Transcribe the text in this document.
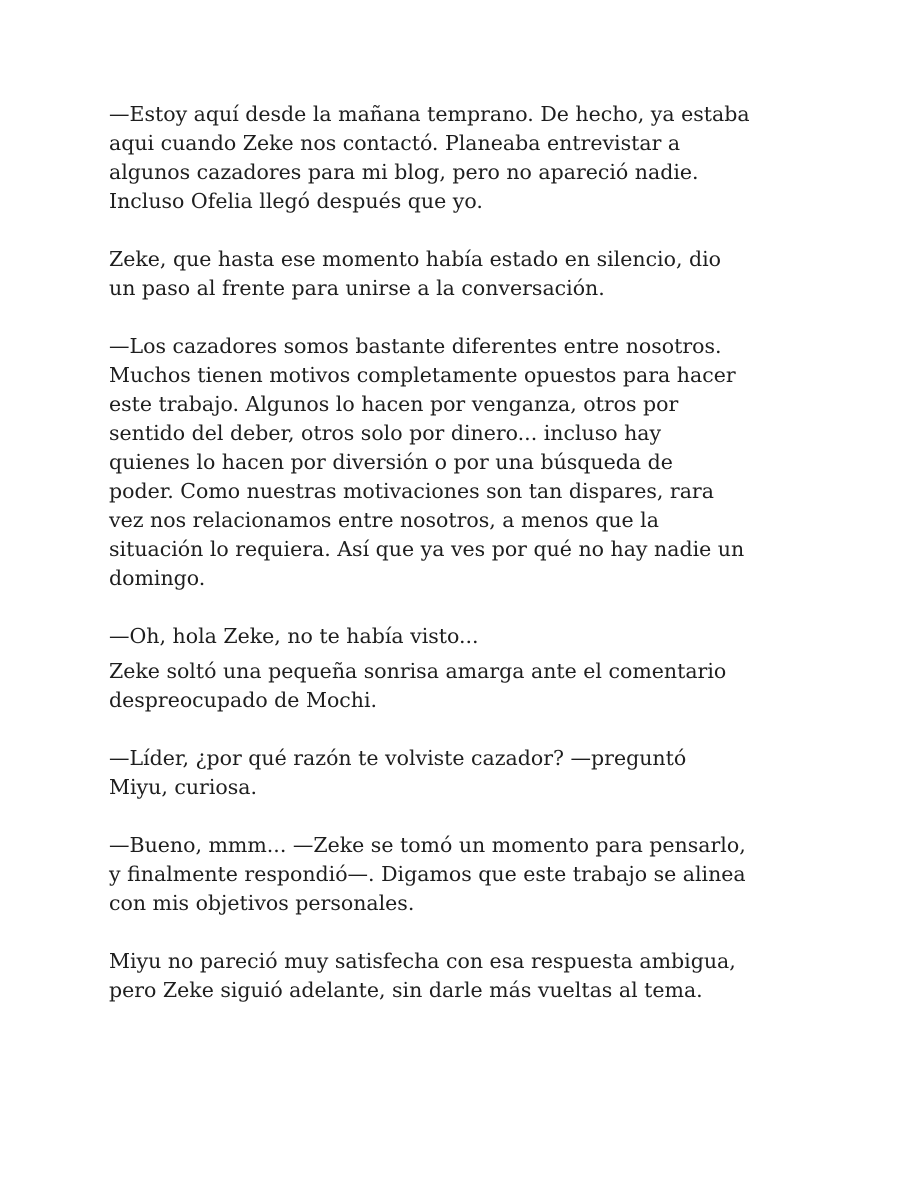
—Estoy aquí desde la mañana temprano. De hecho, ya estaba
aqui cuando Zeke nos contactó. Planeaba entrevistar a
algunos cazadores para mi blog, pero no apareció nadie.
Incluso Ofelia llegó después que yo.

Zeke, que hasta ese momento había estado en silencio, dio
un paso al frente para unirse a la conversación.

—Los cazadores somos bastante diferentes entre nosotros.
Muchos tienen motivos completamente opuestos para hacer
este trabajo. Algunos lo hacen por venganza, otros por
sentido del deber, otros solo por dinero... incluso hay
quienes lo hacen por diversión o por una búsqueda de
poder. Como nuestras motivaciones son tan dispares, rara
vez nos relacionamos entre nosotros, a menos que la
situación lo requiera. Así que ya ves por qué no hay nadie un
domingo.

—Oh, hola Zeke, no te había visto...

Zeke soltó una pequeña sonrisa amarga ante el comentario
despreocupado de Mochi.

—Líder, ¿por qué razón te volviste cazador? —preguntó
Miyu, curiosa.

—Bueno, mmm... —Zeke se tomó un momento para pensarlo,
y finalmente respondió—. Digamos que este trabajo se alinea
con mis objetivos personales.

Miyu no pareció muy satisfecha con esa respuesta ambigua,
pero Zeke siguió adelante, sin darle más vueltas al tema.
